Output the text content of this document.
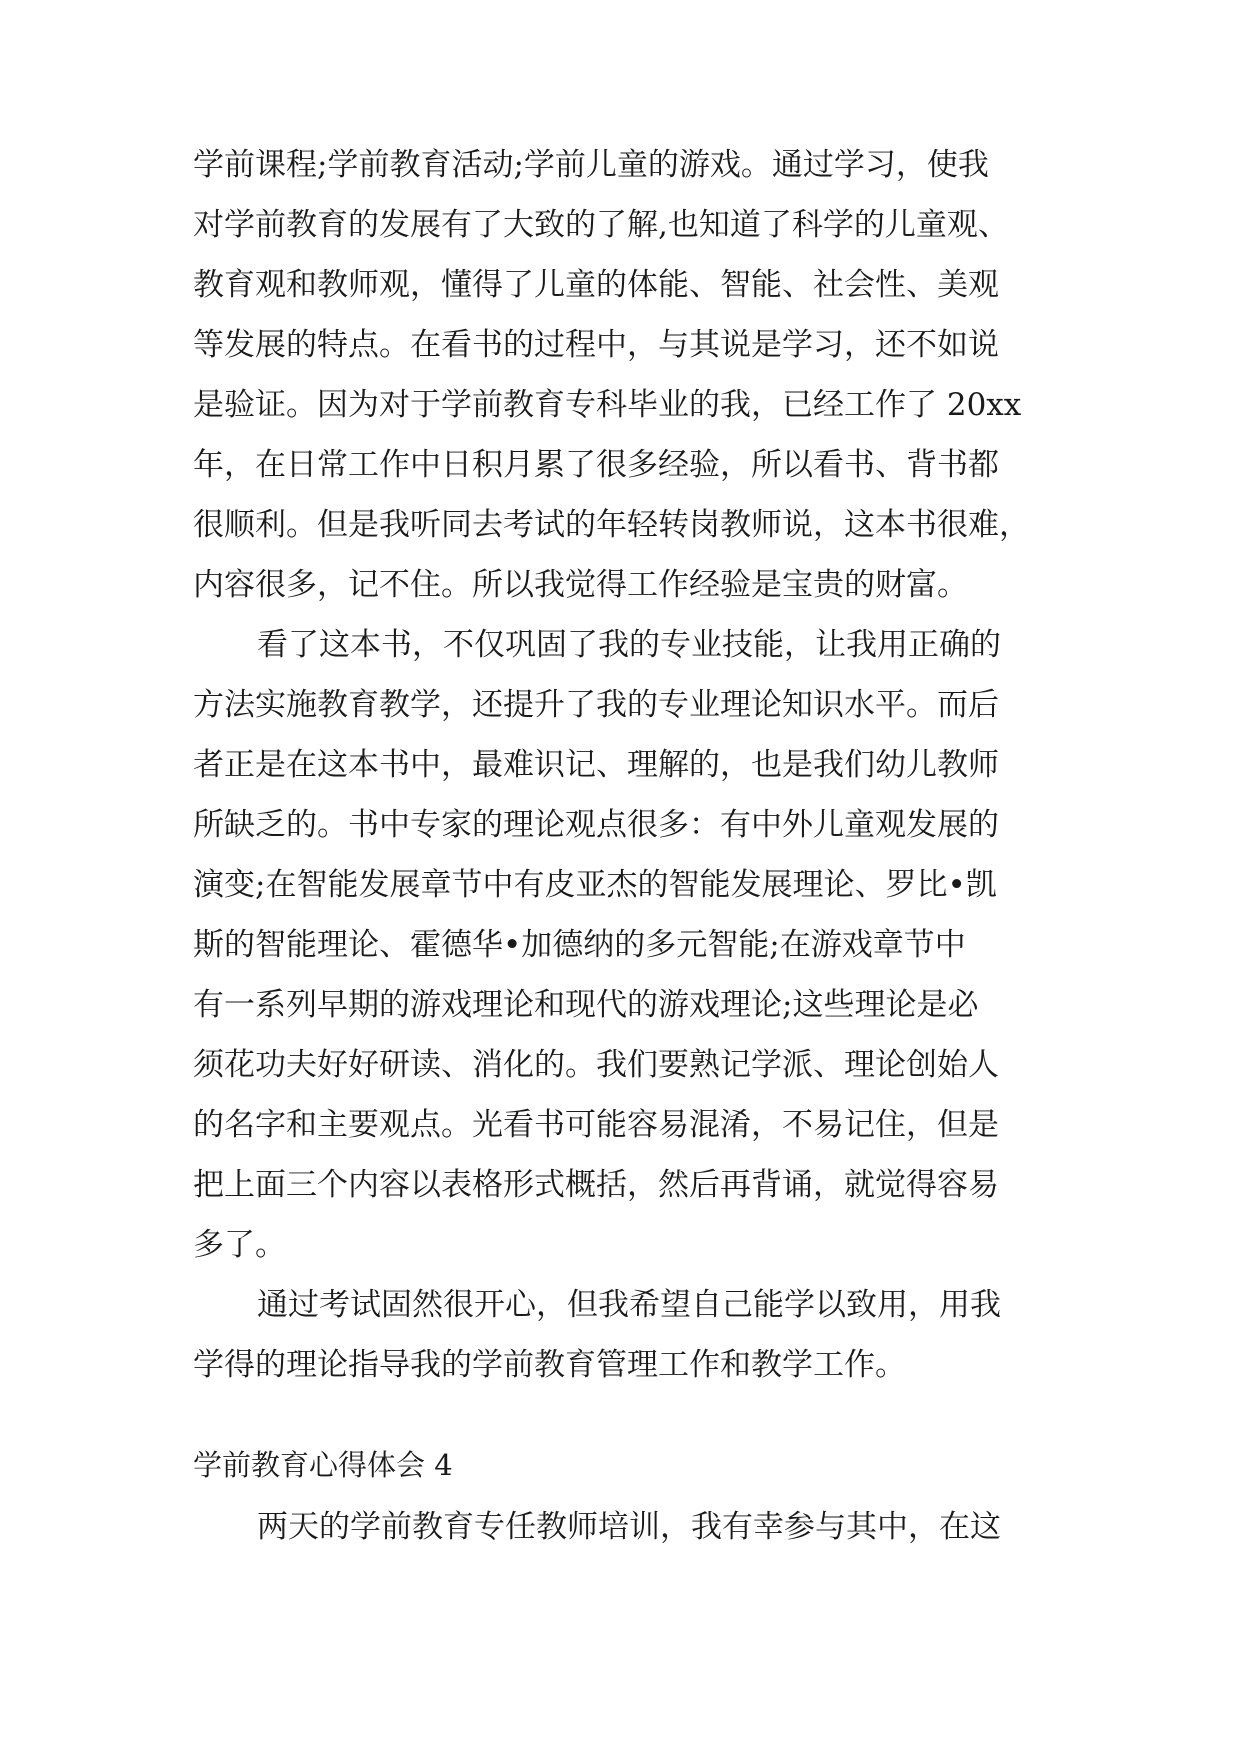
学前课程;学前教育活动;学前儿童的游戏。通过学习，使我
对学前教育的发展有了大致的了解,也知道了科学的儿童观、
教育观和教师观，懂得了儿童的体能、智能、社会性、美观
等发展的特点。在看书的过程中，与其说是学习，还不如说
是验证。因为对于学前教育专科毕业的我，已经工作了 20xx
年，在日常工作中日积月累了很多经验，所以看书、背书都
很顺利。但是我听同去考试的年轻转岗教师说，这本书很难，
内容很多，记不住。所以我觉得工作经验是宝贵的财富。
看了这本书，不仅巩固了我的专业技能，让我用正确的
方法实施教育教学，还提升了我的专业理论知识水平。而后
者正是在这本书中，最难识记、理解的，也是我们幼儿教师
所缺乏的。书中专家的理论观点很多：有中外儿童观发展的
演变;在智能发展章节中有皮亚杰的智能发展理论、罗比•凯
斯的智能理论、霍德华•加德纳的多元智能;在游戏章节中
有一系列早期的游戏理论和现代的游戏理论;这些理论是必
须花功夫好好研读、消化的。我们要熟记学派、理论创始人
的名字和主要观点。光看书可能容易混淆，不易记住，但是
把上面三个内容以表格形式概括，然后再背诵，就觉得容易
多了。
通过考试固然很开心，但我希望自己能学以致用，用我
学得的理论指导我的学前教育管理工作和教学工作。
学前教育心得体会 4
两天的学前教育专任教师培训，我有幸参与其中，在这
